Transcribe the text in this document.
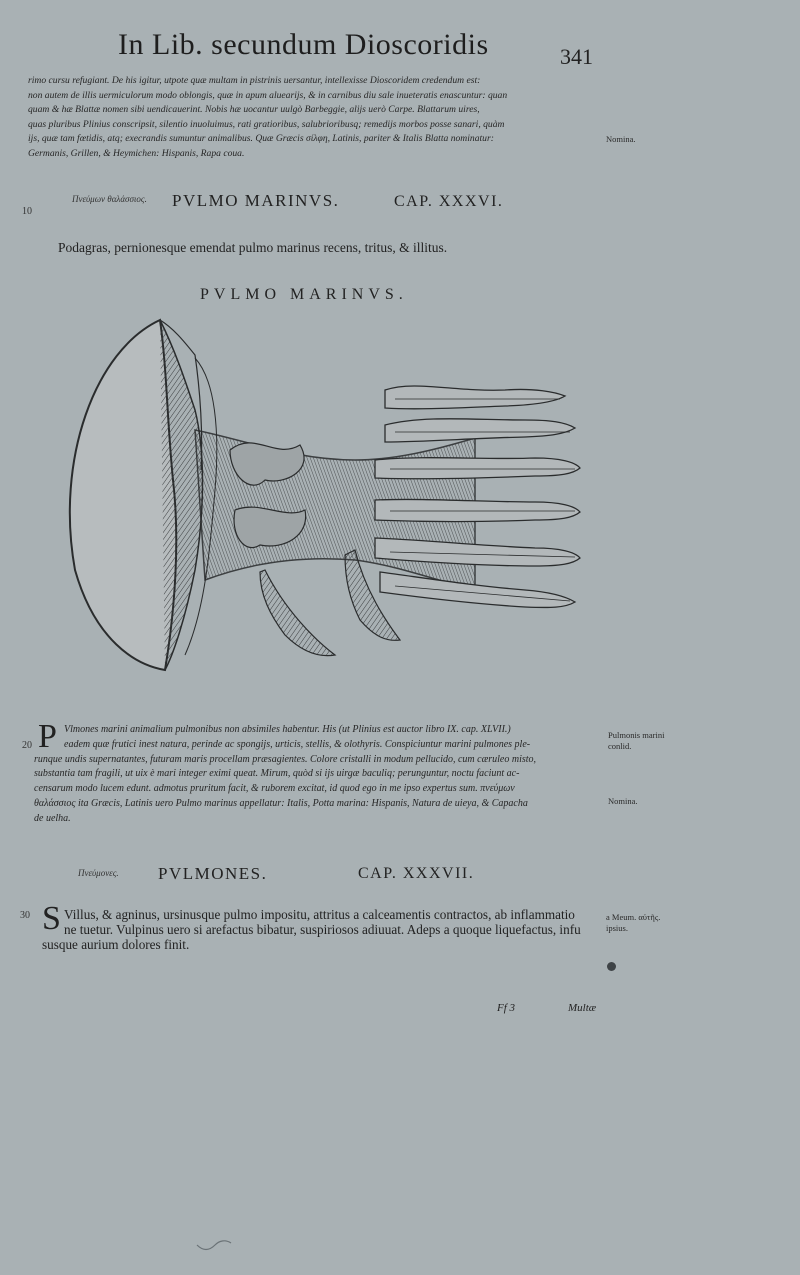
In Lib. secundum Dioscoridis	341
rimo cursu refugiant. De his igitur, utpote quæ multam in pistrinis uersantur, intellexisse Dioscoridem credendum est:
non autem de illis uermiculorum modo oblongis, quæ in apum aluearijs, & in carnibus diu sale inueteratis enascuntur: quan
quam & hæ Blattæ nomen sibi uendicauerint. Nobis hæ uocantur uulgò Barbeggie, alijs uerò Carpe. Blattarum uires,
quas pluribus Plinius conscripsit, silentio inuoluimus, rati gratioribus, salubrioribusq; remedijs morbos posse sanari, quàm
ijs, quæ tam fœtidis, atq; execrandis sumuntur animalibus. Quæ Græcis σίλφη, Latinis, pariter & Italis Blatta nominatur:
Germanis, Grillen, & Heymichen: Hispanis, Rapa coua.
Nomina.
10
Πνεύμων θαλάσσιος. PVLMO MARINVS.	CAP. XXXVI.
Podagras, pernionesque emendat pulmo marinus recens, tritus, & illitus.
PVLMO MARINVS.
20 P Vlmones marini animalium pulmonibus non absimiles habentur. His (ut Plinius est auctor libro IX. cap. XLVII.)
eadem quæ frutici inest natura, perinde ac spongijs, urticis, stellis, & olothyris. Conspiciuntur marini pulmones ple-
runque undis supernatantes, futuram maris procellam præsagientes. Colore cristalli in modum pellucido, cum cæruleo misto,
substantia tam fragili, ut uix è mari integer eximi queat. Mirum, quòd si ijs uirgæ baculiq; perunguntur, noctu faciunt ac-
censarum modo lucem edunt. admotus pruritum facit, & ruborem excitat, id quod ego in me ipso expertus sum. πνεύμων
θαλάσσιος ita Græcis, Latinis uero Pulmo marinus appellatur: Italis, Potta marina: Hispanis, Natura de uieya, & Capacha
de uelha.
Pulmonis marini conlid.
Nomina.
Πνεύμονες. PVLMONES.	CAP. XXXVII.
30 S Villus, & agninus, ursinusque pulmo impositu, attritus a calceamentis contractos, ab inflammatio
ne tuetur. Vulpinus uero si arefactus bibatur, suspiriosos adiuuat. Adeps a quoque liquefactus, infu
susque aurium dolores finit.
a Meum. αὐτῆς. ipsius.
Ff 3	Multæ
